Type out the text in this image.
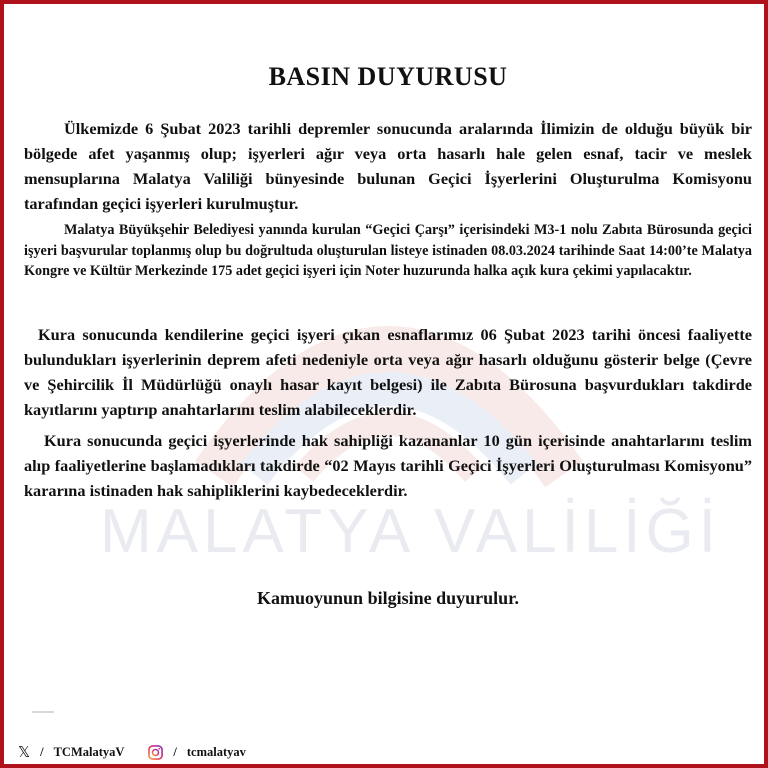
MALATYA VALİLİĞİ
BASIN DUYURUSU

Ülkemizde 6 Şubat 2023 tarihli depremler sonucunda aralarında İlimizin de olduğu büyük bir bölgede afet yaşanmış olup; işyerleri ağır veya orta hasarlı hale gelen esnaf, tacir ve meslek mensuplarına Malatya Valiliği bünyesinde bulunan Geçici İşyerlerini Oluşturulma Komisyonu tarafından geçici işyerleri kurulmuştur.

Malatya Büyükşehir Belediyesi yanında kurulan “Geçici Çarşı” içerisindeki M3-1 nolu Zabıta Bürosunda geçici işyeri başvurular toplanmış olup bu doğrultuda oluşturulan listeye istinaden 08.03.2024 tarihinde Saat 14:00’te Malatya Kongre ve Kültür Merkezinde 175 adet geçici işyeri için Noter huzurunda halka açık kura çekimi yapılacaktır.

Kura sonucunda kendilerine geçici işyeri çıkan esnaflarımız 06 Şubat 2023 tarihi öncesi faaliyette bulundukları işyerlerinin deprem afeti nedeniyle orta veya ağır hasarlı olduğunu gösterir belge (Çevre ve Şehircilik İl Müdürlüğü onaylı hasar kayıt belgesi) ile Zabıta Bürosuna başvurdukları takdirde kayıtlarını yaptırıp anahtarlarını teslim alabileceklerdir.

Kura sonucunda geçici işyerlerinde hak sahipliği kazananlar 10 gün içerisinde anahtarlarını teslim alıp faaliyetlerine başlamadıkları takdirde “02 Mayıs tarihli Geçici İşyerleri Oluşturulması Komisyonu” kararına istinaden hak sahipliklerini kaybedeceklerdir.

Kamuoyunun bilgisine duyurulur.

𝕏 / TCMalatyaV	/ tcmalatyav
